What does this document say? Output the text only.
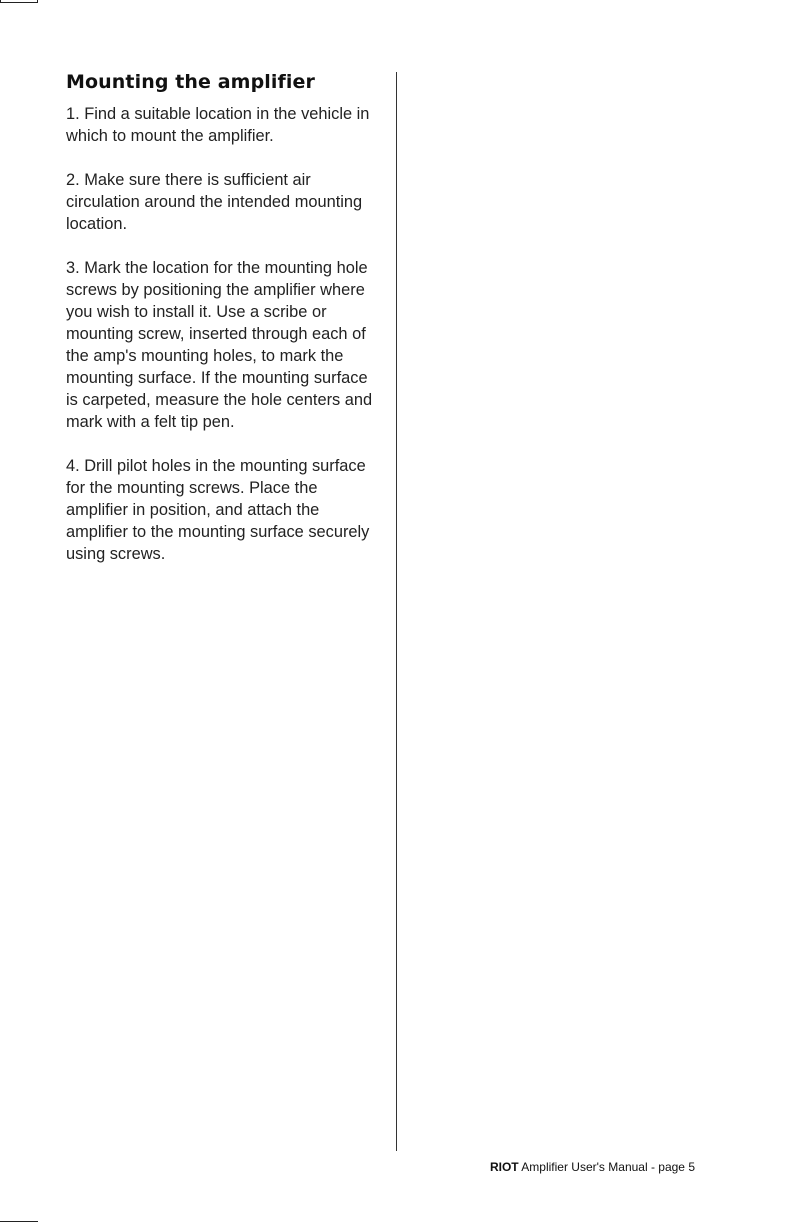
Mounting the amplifier

1. Find a suitable location in the vehicle in which to mount the amplifier.

2. Make sure there is sufficient air circulation around the intended mounting location.

3. Mark the location for the mounting hole screws by positioning the amplifier where you wish to install it. Use a scribe or mounting screw, inserted through each of the amp's mounting holes, to mark the mounting surface. If the mounting surface is carpeted, measure the hole centers and mark with a felt tip pen.

4. Drill pilot holes in the mounting surface for the mounting screws. Place the amplifier in position, and attach the amplifier to the mounting surface securely using screws.

RIOT Amplifier User's Manual - page 5
